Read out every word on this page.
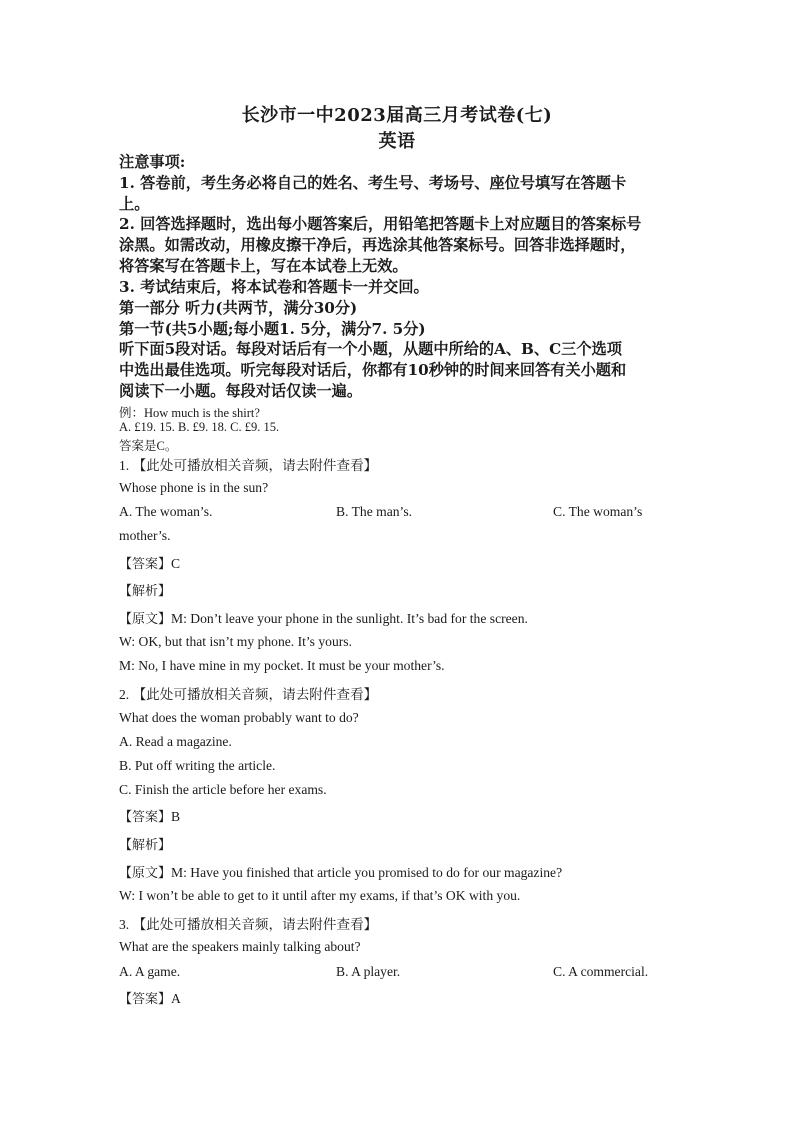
长沙市一中2023届高三月考试卷(七)
英语
注意事项:
1. 答卷前，考生务必将自己的姓名、考生号、考场号、座位号填写在答题卡
上。
2. 回答选择题时，选出每小题答案后，用铅笔把答题卡上对应题目的答案标号
涂黑。如需改动，用橡皮擦干净后，再选涂其他答案标号。回答非选择题时，
将答案写在答题卡上，写在本试卷上无效。
3. 考试结束后，将本试卷和答题卡一并交回。
第一部分 听力(共两节，满分30分)
第一节(共5小题;每小题1. 5分，满分7. 5分)
听下面5段对话。每段对话后有一个小题，从题中所给的A、B、C三个选项
中选出最佳选项。听完每段对话后，你都有10秒钟的时间来回答有关小题和
阅读下一小题。每段对话仅读一遍。
例：How much is the shirt?
A. £19. 15. B. £9. 18. C. £9. 15.
答案是C。
1. 【此处可播放相关音频，请去附件查看】
Whose phone is in the sun?
A. The woman’s.	B. The man’s.	C. The woman’s
mother’s.
【答案】C
【解析】
【原文】M: Don’t leave your phone in the sunlight. It’s bad for the screen.
W: OK, but that isn’t my phone. It’s yours.
M: No, I have mine in my pocket. It must be your mother’s.
2. 【此处可播放相关音频，请去附件查看】
What does the woman probably want to do?
A. Read a magazine.
B. Put off writing the article.
C. Finish the article before her exams.
【答案】B
【解析】
【原文】M: Have you finished that article you promised to do for our magazine?
W: I won’t be able to get to it until after my exams, if that’s OK with you.
3. 【此处可播放相关音频，请去附件查看】
What are the speakers mainly talking about?
A. A game.	B. A player.	C. A commercial.
【答案】A
